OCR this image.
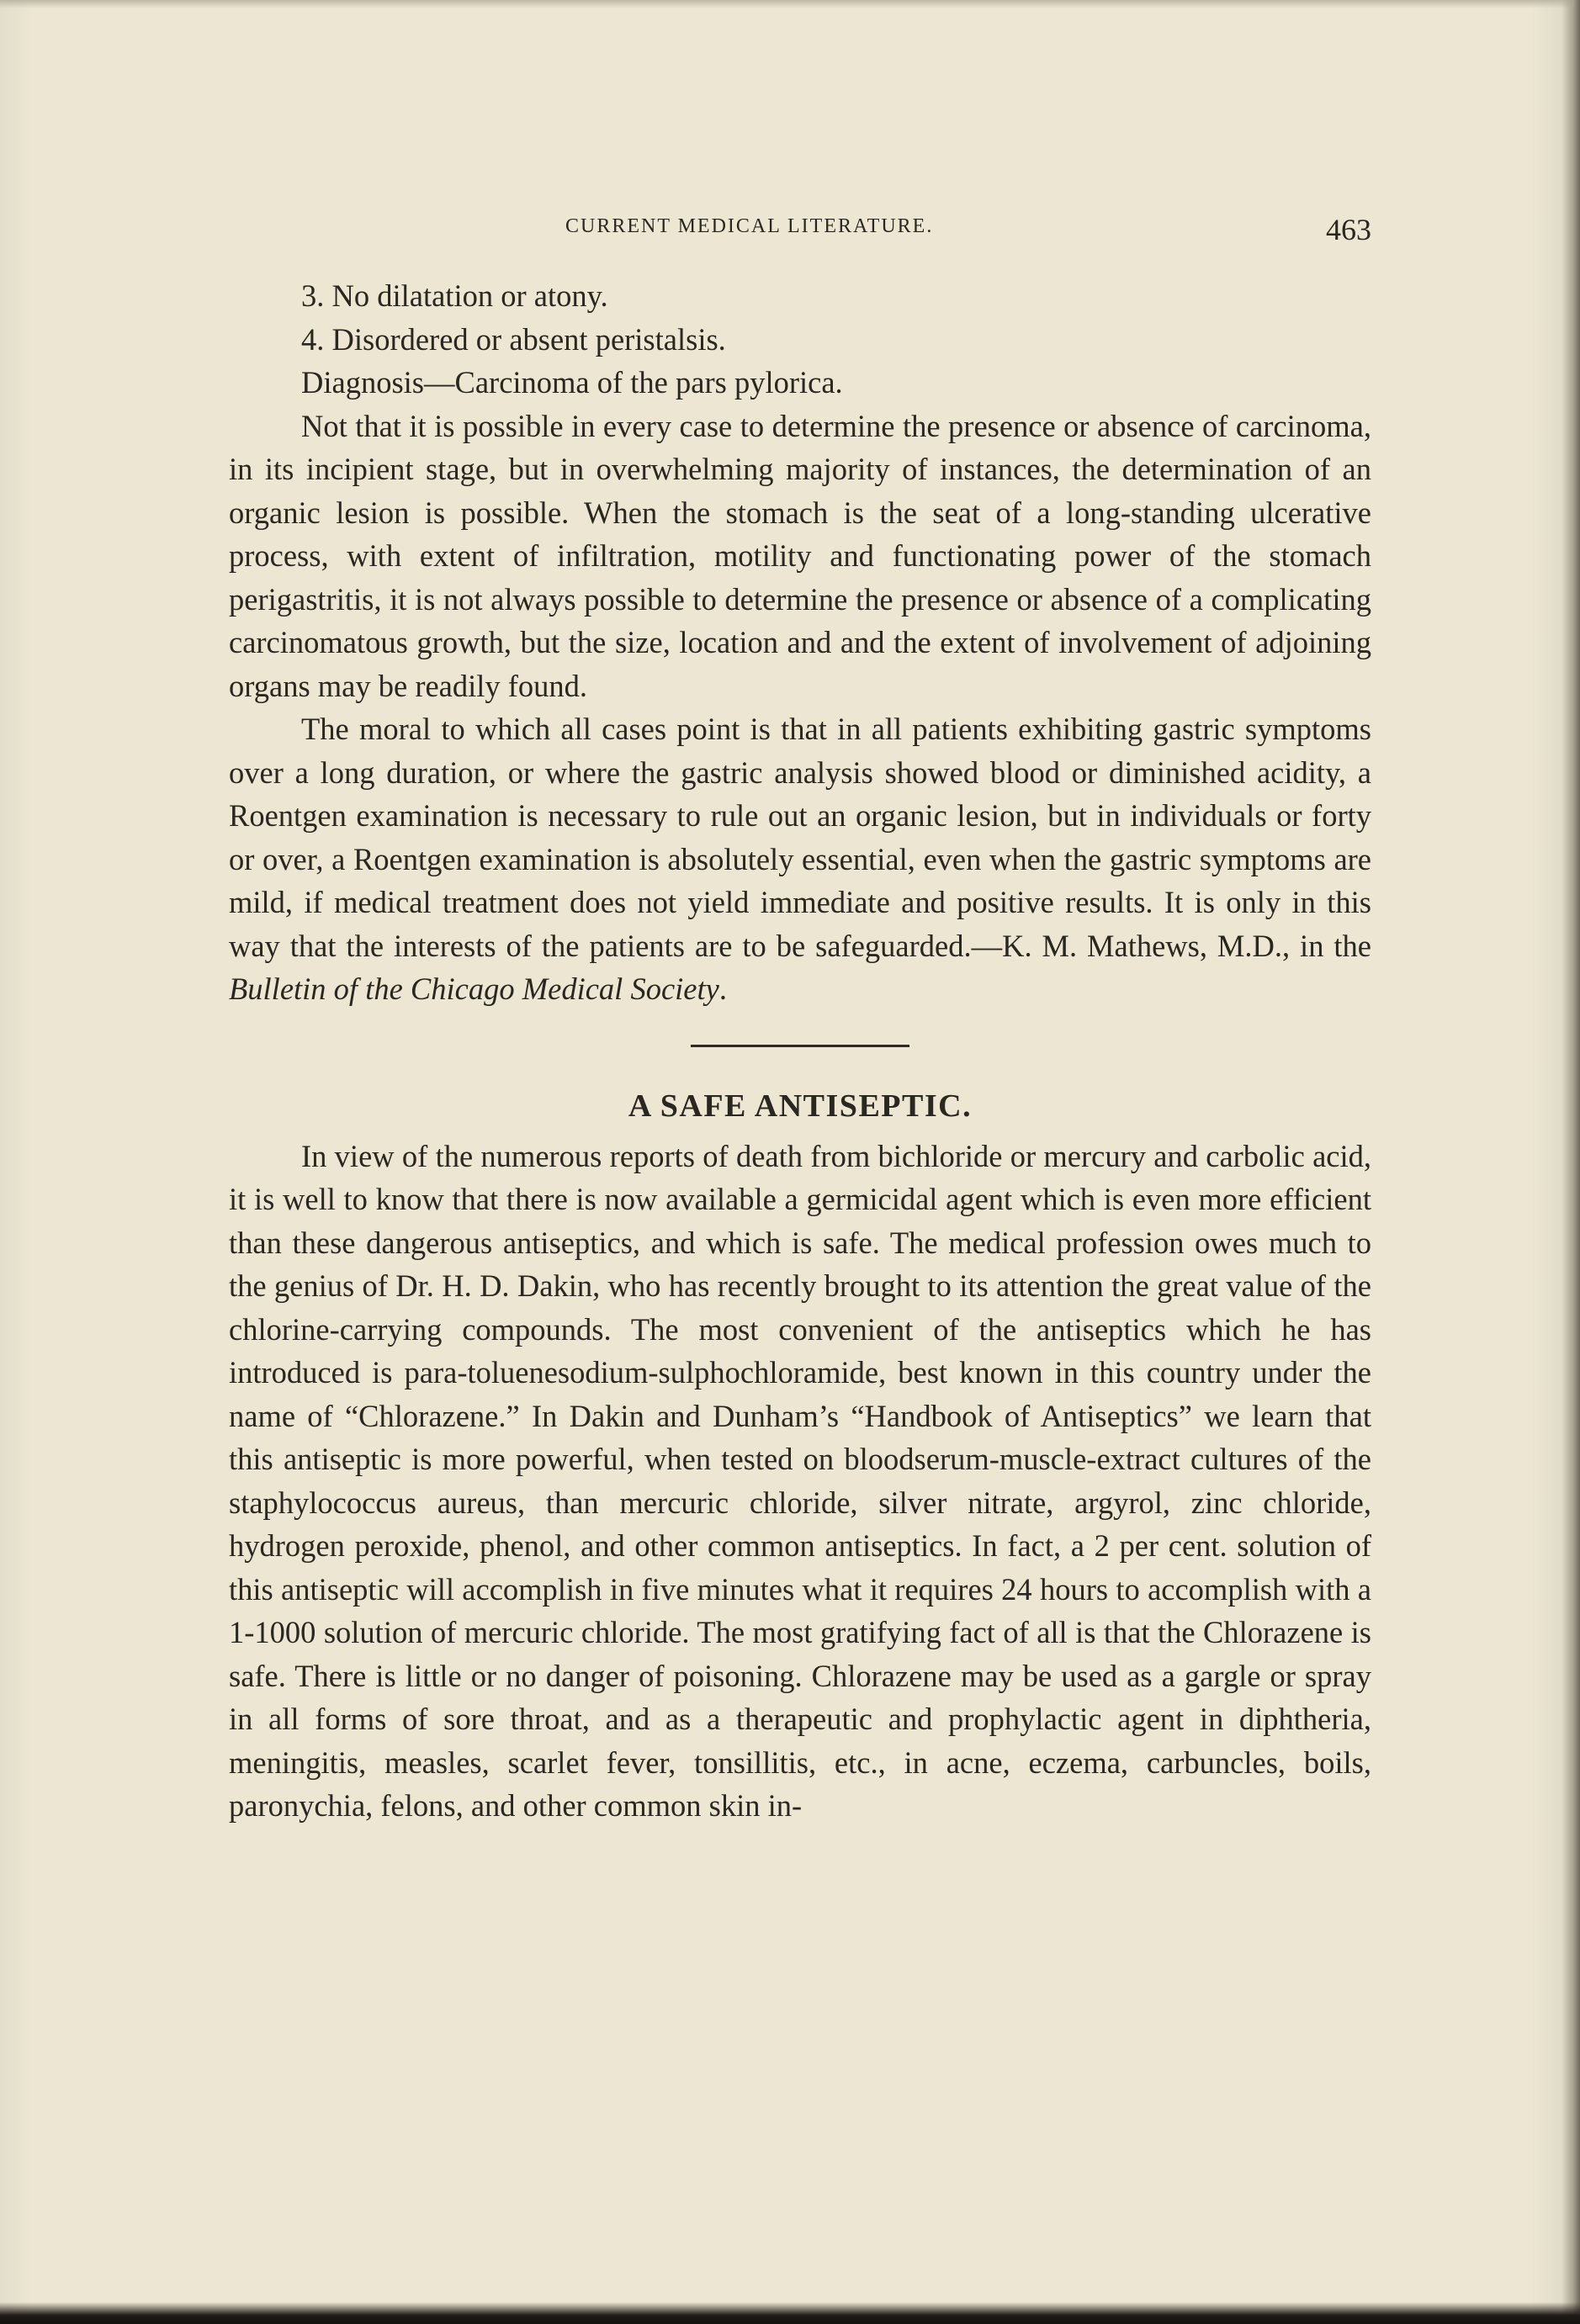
CURRENT MEDICAL LITERATURE.	463

3. No dilatation or atony.

4. Disordered or absent peristalsis.

Diagnosis—Carcinoma of the pars pylorica.

Not that it is possible in every case to determine the presence or absence of carcinoma, in its incipient stage, but in overwhelming majority of instances, the determination of an organic lesion is possible. When the stomach is the seat of a long-standing ulcerative process, with extent of infiltration, motility and functionating power of the stomach perigastritis, it is not always possible to determine the presence or absence of a complicating carcinomatous growth, but the size, location and and the extent of involvement of adjoining organs may be readily found.

The moral to which all cases point is that in all patients exhibiting gastric symptoms over a long duration, or where the gastric analysis showed blood or diminished acidity, a Roentgen examination is necessary to rule out an organic lesion, but in individuals or forty or over, a Roentgen examination is absolutely essential, even when the gastric symptoms are mild, if medical treatment does not yield immediate and positive results. It is only in this way that the interests of the patients are to be safeguarded.—K. M. Mathews, M.D., in the Bulletin of the Chicago Medical Society.

A SAFE ANTISEPTIC.

In view of the numerous reports of death from bichloride or mercury and carbolic acid, it is well to know that there is now available a germicidal agent which is even more efficient than these dangerous antiseptics, and which is safe. The medical profession owes much to the genius of Dr. H. D. Dakin, who has recently brought to its attention the great value of the chlorine-carrying compounds. The most convenient of the antiseptics which he has introduced is para-toluenesodium-sulphochloramide, best known in this country under the name of “Chlorazene.” In Dakin and Dunham’s “Handbook of Antiseptics” we learn that this antiseptic is more powerful, when tested on bloodserum-muscle-extract cultures of the staphylococcus aureus, than mercuric chloride, silver nitrate, argyrol, zinc chloride, hydrogen peroxide, phenol, and other common antiseptics. In fact, a 2 per cent. solution of this antiseptic will accomplish in five minutes what it requires 24 hours to accomplish with a 1-1000 solution of mercuric chloride. The most gratifying fact of all is that the Chlorazene is safe. There is little or no danger of poisoning. Chlorazene may be used as a gargle or spray in all forms of sore throat, and as a therapeutic and prophylactic agent in diphtheria, meningitis, measles, scarlet fever, tonsillitis, etc., in acne, eczema, carbuncles, boils, paronychia, felons, and other common skin in-
